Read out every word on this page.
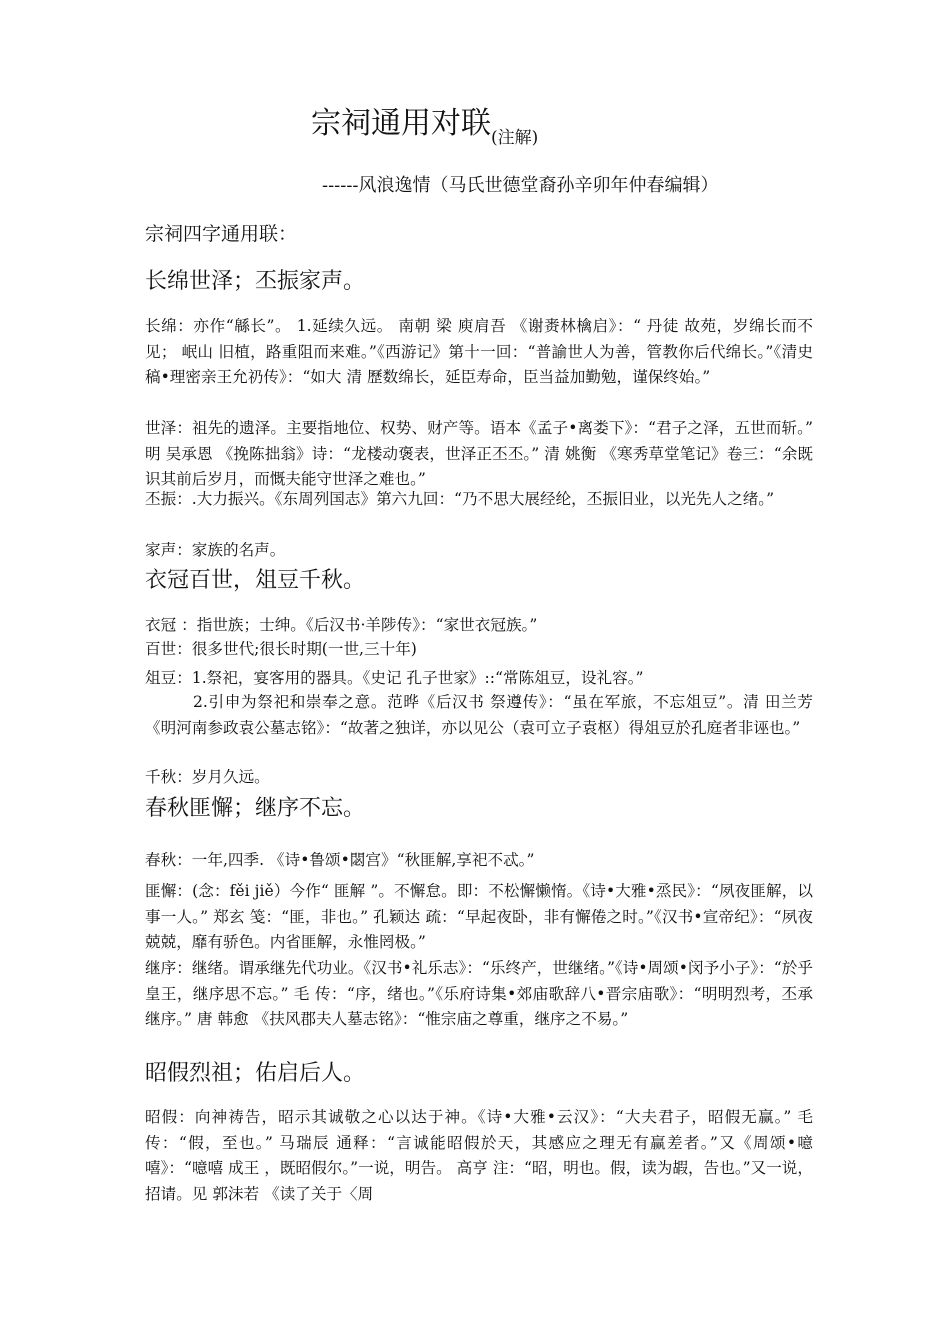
宗祠通用对联$_{(注解)}$
------风浪逸情（马氏世德堂裔孙辛卯年仲春编辑）
宗祠四字通用联：
长绵世泽；丕振家声。
长绵：亦作“緜长”。 1.延续久远。 南朝 梁 庾肩吾 《谢赉林檎启》：“ 丹徒 故苑，岁绵长而不见； 岷山 旧植，路重阻而来难。”《西游记》第十一回：“普諭世人为善，管教你后代绵长。”《清史稿•理密亲王允礽传》：“如大 清 歷数绵长，延臣寿命，臣当益加勤勉，谨保终始。”
世泽：祖先的遗泽。主要指地位、权势、财产等。语本《孟子•离娄下》：“君子之泽，五世而斩。” 明 吴承恩 《挽陈拙翁》诗：“龙楼动褒表，世泽正丕丕。” 清 姚衡 《寒秀草堂笔记》卷三：“余既识其前后岁月，而慨夫能守世泽之难也。”
丕振：.大力振兴。《东周列国志》第六九回：“乃不思大展经纶，丕振旧业，以光先人之绪。”
家声：家族的名声。
衣冠百世，俎豆千秋。
衣冠 ：指世族；士绅。《后汉书·羊陟传》：“家世衣冠族。”
百世：很多世代;很长时期(一世,三十年)
俎豆：1.祭祀，宴客用的器具。《史记 孔子世家》::“常陈俎豆，设礼容。”
2.引申为祭祀和崇奉之意。范晔《后汉书 祭遵传》：“虽在军旅，不忘俎豆”。清 田兰芳《明河南参政袁公墓志铭》：“故著之独详，亦以见公（袁可立子袁枢）得俎豆於孔庭者非诬也。”
千秋：岁月久远。
春秋匪懈；继序不忘。
春秋：一年,四季. 《诗•鲁颂•閟宫》“秋匪解,享祀不忒。”
匪懈：(念：fěi jiě）今作“ 匪解 ”。不懈怠。即：不松懈懒惰。《诗•大雅•烝民》：“夙夜匪解，以事一人。” 郑玄 笺：“匪，非也。” 孔颖达 疏：“早起夜卧，非有懈倦之时。”《汉书•宣帝纪》：“夙夜兢兢，靡有骄色。内省匪解，永惟罔极。”
继序：继绪。谓承继先代功业。《汉书•礼乐志》：“乐终产，世继绪。”《诗•周颂•闵予小子》：“於乎皇王，继序思不忘。” 毛 传：“序，绪也。”《乐府诗集•郊庙歌辞八•晋宗庙歌》：“明明烈考，丕承继序。” 唐 韩愈 《扶风郡夫人墓志铭》：“惟宗庙之尊重，继序之不易。”
昭假烈祖；佑启后人。
昭假：向神祷告，昭示其诚敬之心以达于神。《诗•大雅•云汉》：“大夫君子，昭假无赢。” 毛 传：“假，至也。” 马瑞辰 通释：“言诚能昭假於天，其感应之理无有赢差者。”又《周颂•噫嘻》：“噫嘻 成王 ，既昭假尔。”一说，明告。 高亨 注：“昭，明也。假，读为嘏，告也。”又一说，招请。见 郭沫若 《读了关于〈周
